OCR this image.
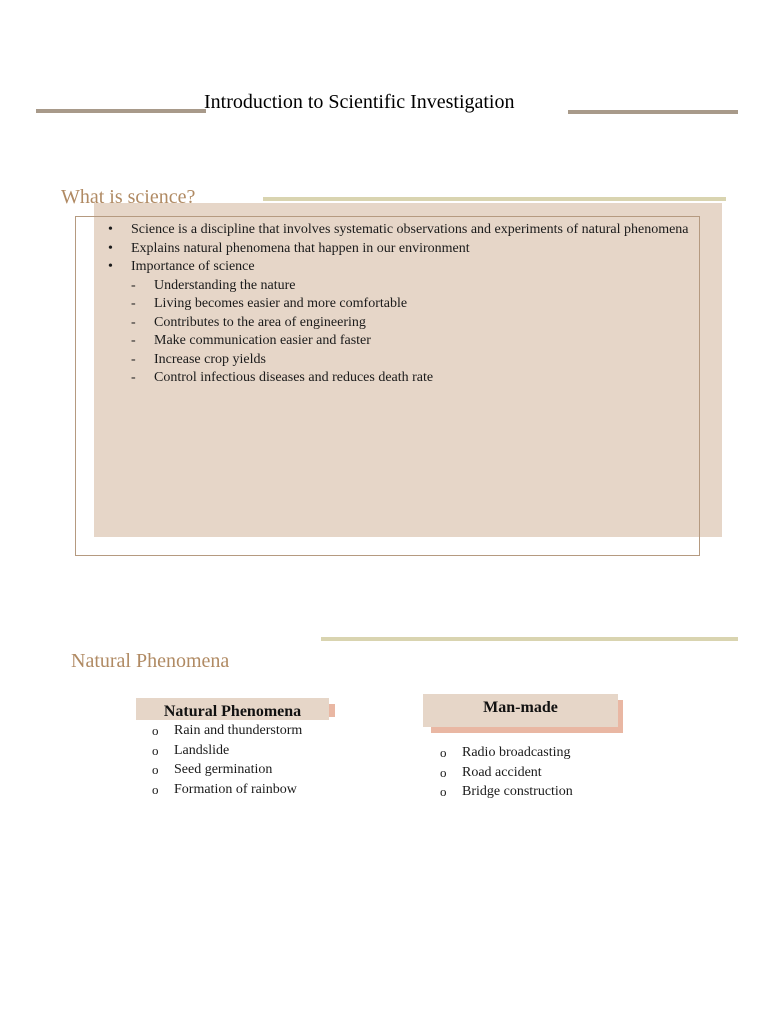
Introduction to Scientific Investigation
What is science?
• Science is a discipline that involves systematic observations and experiments of natural phenomena
• Explains natural phenomena that happen in our environment
• Importance of science
- Understanding the nature
- Living becomes easier and more comfortable
- Contributes to the area of engineering
- Make communication easier and faster
- Increase crop yields
- Control infectious diseases and reduces death rate
Natural Phenomena
Natural Phenomena
o Rain and thunderstorm
o Landslide
o Seed germination
o Formation of rainbow
Man-made
o Radio broadcasting
o Road accident
o Bridge construction
